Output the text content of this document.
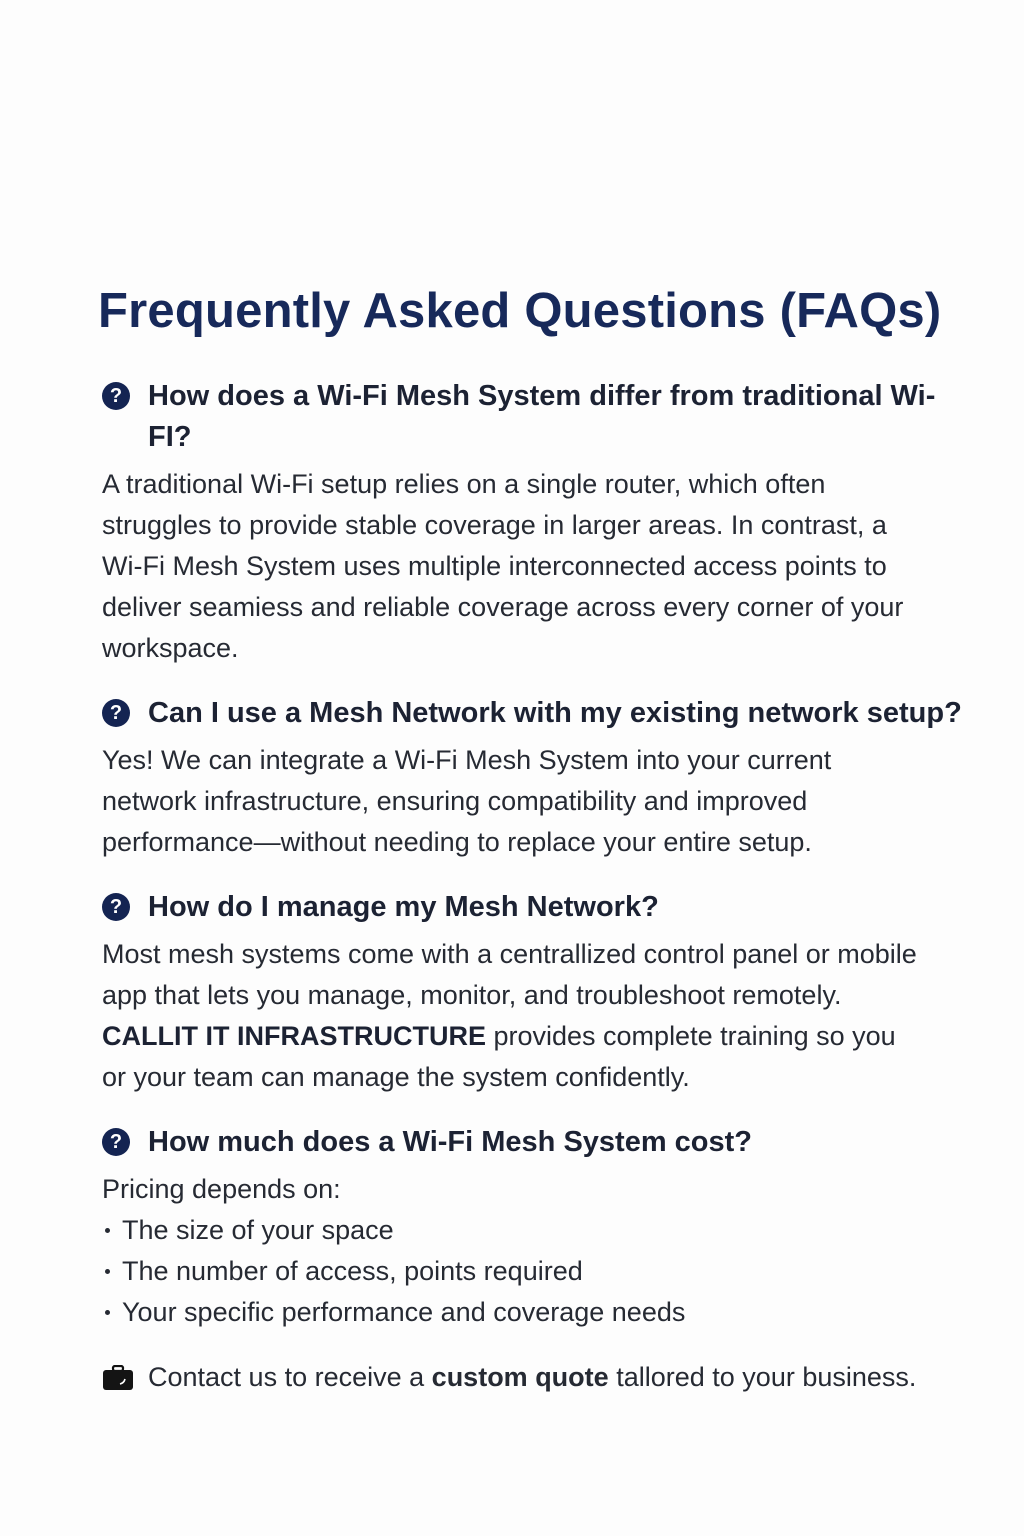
Frequently Asked Questions (FAQs)
? How does a Wi-Fi Mesh System differ from traditional Wi-FI?

A traditional Wi-Fi setup relies on a single router, which often struggles to provide stable coverage in larger areas. In contrast, a Wi-Fi Mesh System uses multiple interconnected access points to deliver seamiess and reliable coverage across every corner of your workspace.

? Can I use a Mesh Network with my existing network setup?

Yes! We can integrate a Wi-Fi Mesh System into your current network infrastructure, ensuring compatibility and improved performance—without needing to replace your entire setup.

? How do I manage my Mesh Network?

Most mesh systems come with a centrallized control panel or mobile app that lets you manage, monitor, and troubleshoot remotely. CALLIT IT INFRASTRUCTURE provides complete training so you or your team can manage the system confidently.

? How much does a Wi-Fi Mesh System cost?

Pricing depends on:

The size of your space
The number of access, points required
Your specific performance and coverage needs
Contact us to receive a custom quote tallored to your business.
